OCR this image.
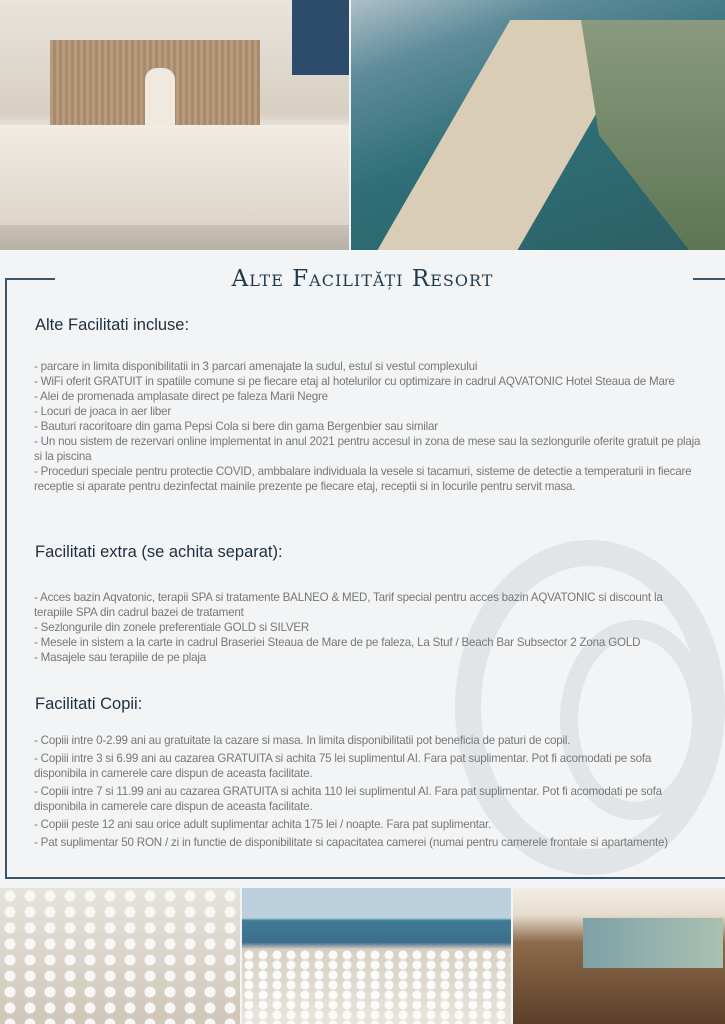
Alte Facilități Resort
Alte Facilitati incluse:
- parcare in limita disponibilitatii in 3 parcari amenajate la sudul, estul si vestul complexului
- WiFi oferit GRATUIT in spatiile comune si pe fiecare etaj al hotelurilor cu optimizare in cadrul AQVATONIC Hotel Steaua de Mare
- Alei de promenada amplasate direct pe faleza Marii Negre
- Locuri de joaca in aer liber
- Bauturi racoritoare din gama Pepsi Cola si bere din gama Bergenbier sau similar
- Un nou sistem de rezervari online implementat in anul 2021 pentru accesul in zona de mese sau la sezlongurile oferite gratuit pe plaja si la piscina
- Proceduri speciale pentru protectie COVID, ambbalare individuala la vesele si tacamuri, sisteme de detectie a temperaturii in fiecare receptie si aparate pentru dezinfectat mainile prezente pe fiecare etaj, receptii si in locurile pentru servit masa.
Facilitati extra (se achita separat):
- Acces bazin Aqvatonic, terapii SPA si tratamente BALNEO & MED, Tarif special pentru acces bazin AQVATONIC si discount la terapiile SPA din cadrul bazei de tratament
- Sezlongurile din zonele preferentiale GOLD si SILVER
- Mesele in sistem a la carte in cadrul Braseriei Steaua de Mare de pe faleza, La Stuf / Beach Bar Subsector 2 Zona GOLD
- Masajele sau terapiile de pe plaja
Facilitati Copii:
- Copiii intre 0-2.99 ani au gratuitate la cazare si masa. In limita disponibilitatii pot beneficia de paturi de copil.
- Copiii intre 3 si 6.99 ani au cazarea GRATUITA si achita 75 lei suplimentul AI. Fara pat suplimentar. Pot fi acomodati pe sofa disponibila in camerele care dispun de aceasta facilitate.
- Copiii intre 7 si 11.99 ani au cazarea GRATUITA si achita 110 lei suplimentul AI. Fara pat suplimentar. Pot fi acomodati pe sofa disponibila in camerele care dispun de aceasta facilitate.
- Copiii peste 12 ani sau orice adult suplimentar achita 175 lei / noapte. Fara pat suplimentar.
- Pat suplimentar 50 RON / zi in functie de disponibilitate si capacitatea camerei (numai pentru camerele frontale si apartamente)
